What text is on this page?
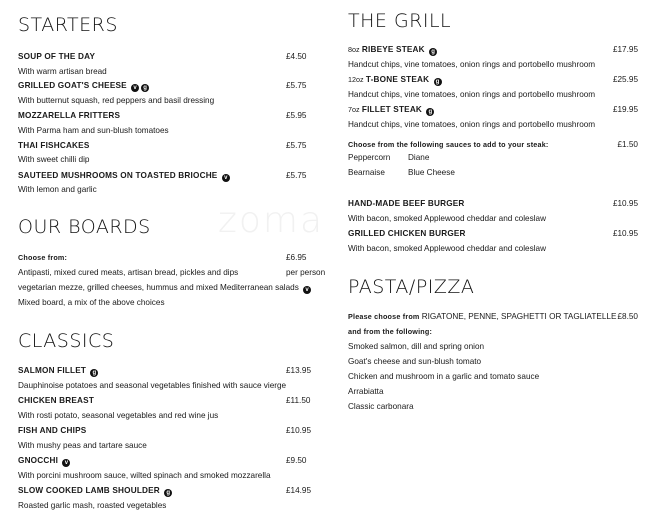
zoma
STARTERS
SOUP OF THE DAY	£4.50
With warm artisan bread
GRILLED GOAT'S CHEESE v g	£5.75
With butternut squash, red peppers and basil dressing
MOZZARELLA FRITTERS	£5.95
With Parma ham and sun-blush tomatoes
THAI FISHCAKES	£5.75
With sweet chilli dip
SAUTEED MUSHROOMS ON TOASTED BRIOCHE v	£5.75
With lemon and garlic
OUR BOARDS
Choose from:	£6.95
Antipasti, mixed cured meats, artisan bread, pickles and dips	per person
vegetarian mezze, grilled cheeses, hummus and mixed Mediterranean salads v
Mixed board, a mix of the above choices
CLASSICS
SALMON FILLET g	£13.95
Dauphinoise potatoes and seasonal vegetables finished with sauce vierge
CHICKEN BREAST	£11.50
With rosti potato, seasonal vegetables and red wine jus
FISH AND CHIPS	£10.95
With mushy peas and tartare sauce
GNOCCHI v	£9.50
With porcini mushroom sauce, wilted spinach and smoked mozzarella
SLOW COOKED LAMB SHOULDER g	£14.95
Roasted garlic mash, roasted vegetables
THE GRILL
8oz RIBEYE STEAK g	£17.95
Handcut chips, vine tomatoes, onion rings and portobello mushroom
12oz T-BONE STEAK g	£25.95
Handcut chips, vine tomatoes, onion rings and portobello mushroom
7oz FILLET STEAK g	£19.95
Handcut chips, vine tomatoes, onion rings and portobello mushroom
Choose from the following sauces to add to your steak:	£1.50
Peppercorn Diane
Bearnaise	Blue Cheese
HAND-MADE BEEF BURGER	£10.95
With bacon, smoked Applewood cheddar and coleslaw
GRILLED CHICKEN BURGER	£10.95
With bacon, smoked Applewood cheddar and coleslaw
PASTA/PIZZA
Please choose from RIGATONE, PENNE, SPAGHETTI OR TAGLIATELLE £8.50
and from the following:
Smoked salmon, dill and spring onion
Goat's cheese and sun-blush tomato
Chicken and mushroom in a garlic and tomato sauce
Arrabiatta
Classic carbonara
